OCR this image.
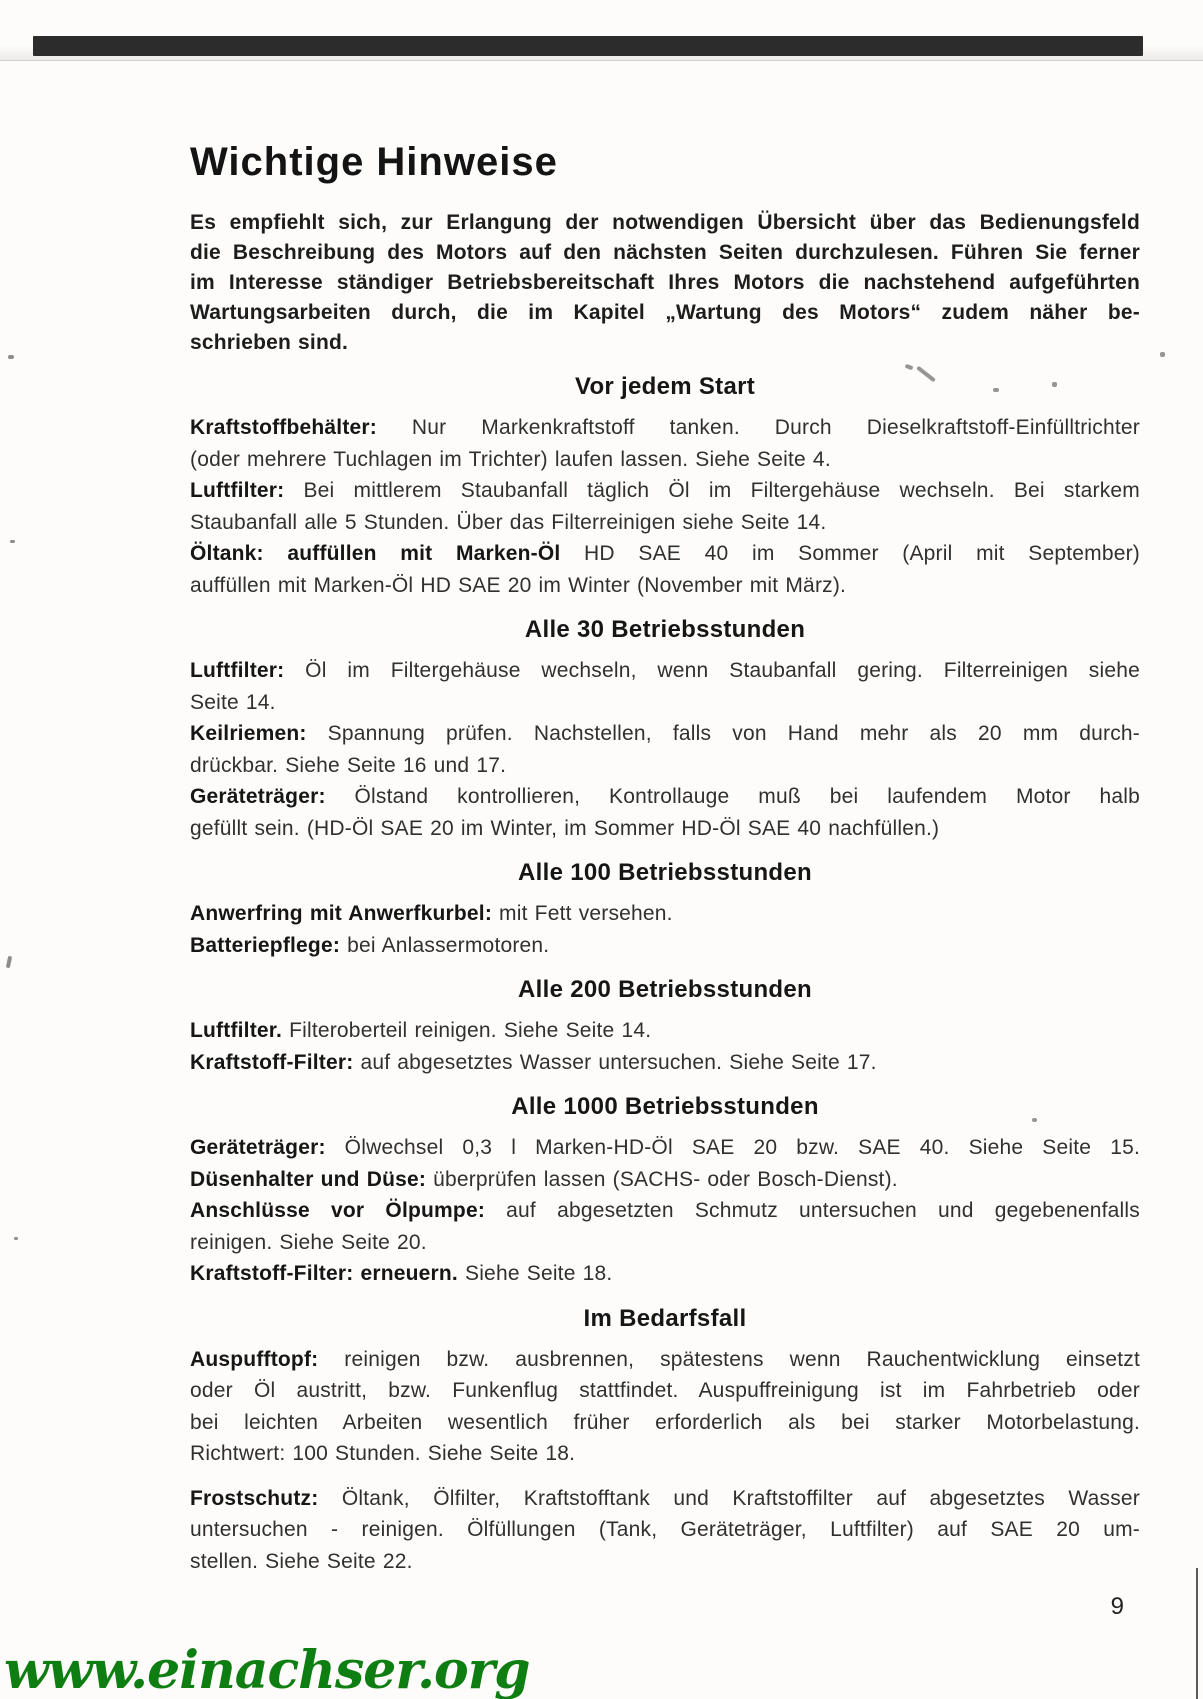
Wichtige Hinweise
Es empfiehlt sich, zur Erlangung der notwendigen Übersicht über das Bedienungsfeld
die Beschreibung des Motors auf den nächsten Seiten durchzulesen. Führen Sie ferner
im Interesse ständiger Betriebsbereitschaft Ihres Motors die nachstehend aufgeführten
Wartungsarbeiten durch, die im Kapitel „Wartung des Motors“ zudem näher be-
schrieben sind.
Vor jedem Start
Kraftstoffbehälter: Nur Markenkraftstoff tanken. Durch Dieselkraftstoff-Einfülltrichter
(oder mehrere Tuchlagen im Trichter) laufen lassen. Siehe Seite 4.
Luftfilter: Bei mittlerem Staubanfall täglich Öl im Filtergehäuse wechseln. Bei starkem
Staubanfall alle 5 Stunden. Über das Filterreinigen siehe Seite 14.
Öltank: auffüllen mit Marken-Öl HD SAE 40 im Sommer (April mit September)
auffüllen mit Marken-Öl HD SAE 20 im Winter (November mit März).
Alle 30 Betriebsstunden
Luftfilter: Öl im Filtergehäuse wechseln, wenn Staubanfall gering. Filterreinigen siehe
Seite 14.
Keilriemen: Spannung prüfen. Nachstellen, falls von Hand mehr als 20 mm durch-
drückbar. Siehe Seite 16 und 17.
Geräteträger: Ölstand kontrollieren, Kontrollauge muß bei laufendem Motor halb
gefüllt sein. (HD-Öl SAE 20 im Winter, im Sommer HD-Öl SAE 40 nachfüllen.)
Alle 100 Betriebsstunden
Anwerfring mit Anwerfkurbel: mit Fett versehen.
Batteriepflege: bei Anlassermotoren.
Alle 200 Betriebsstunden
Luftfilter. Filteroberteil reinigen. Siehe Seite 14.
Kraftstoff-Filter: auf abgesetztes Wasser untersuchen. Siehe Seite 17.
Alle 1000 Betriebsstunden
Geräteträger: Ölwechsel 0,3 l Marken-HD-Öl SAE 20 bzw. SAE 40. Siehe Seite 15.
Düsenhalter und Düse: überprüfen lassen (SACHS- oder Bosch-Dienst).
Anschlüsse vor Ölpumpe: auf abgesetzten Schmutz untersuchen und gegebenenfalls
reinigen. Siehe Seite 20.
Kraftstoff-Filter: erneuern. Siehe Seite 18.
Im Bedarfsfall
Auspufftopf: reinigen bzw. ausbrennen, spätestens wenn Rauchentwicklung einsetzt
oder Öl austritt, bzw. Funkenflug stattfindet. Auspuffreinigung ist im Fahrbetrieb oder
bei leichten Arbeiten wesentlich früher erforderlich als bei starker Motorbelastung.
Richtwert: 100 Stunden. Siehe Seite 18.
Frostschutz: Öltank, Ölfilter, Kraftstofftank und Kraftstoffilter auf abgesetztes Wasser
untersuchen - reinigen. Ölfüllungen (Tank, Geräteträger, Luftfilter) auf SAE 20 um-
stellen. Siehe Seite 22.
9
www.einachser.org
